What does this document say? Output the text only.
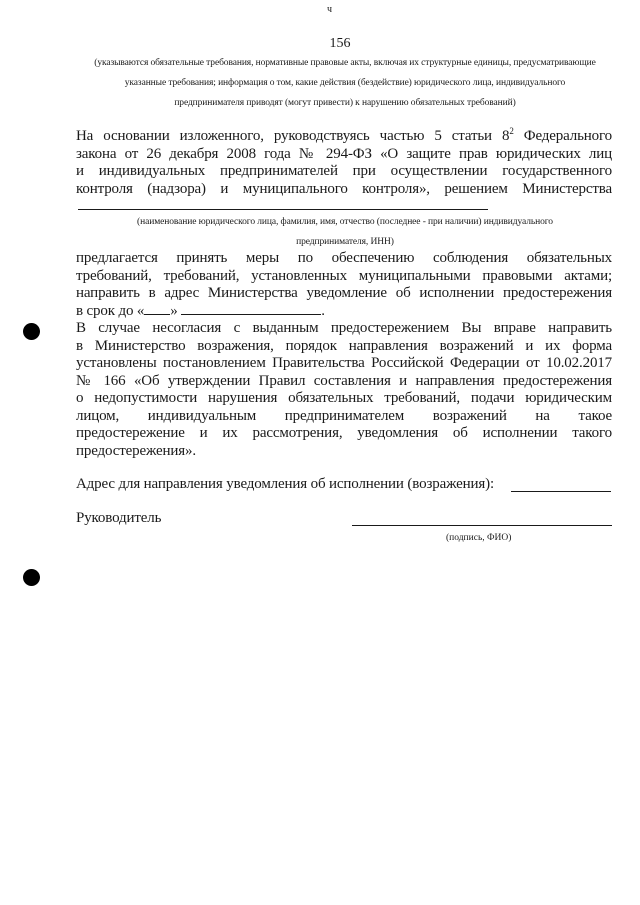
ч
156
(указываются обязательные требования, нормативные правовые акты, включая их структурные единицы, предусматривающие
указанные требования; информация о том, какие действия (бездействие) юридического лица, индивидуального
предпринимателя приводят (могут привести) к нарушению обязательных требований)
На основании изложенного, руководствуясь частью 5 статьи $8^2$ Федерального
закона от 26 декабря 2008 года № 294-ФЗ «О защите прав юридических лиц
и индивидуальных предпринимателей при осуществлении государственного
контроля (надзора) и муниципального контроля», решением Министерства
(наименование юридического лица, фамилия, имя, отчество (последнее - при наличии) индивидуального
предпринимателя, ИНН)
предлагается принять меры по обеспечению соблюдения обязательных
требований, требований, установленных муниципальными правовыми актами;
направить в адрес Министерства уведомление об исполнении предостережения
в срок до « »	.
В случае несогласия с выданным предостережением Вы вправе направить
в Министерство возражения, порядок направления возражений и их форма
установлены постановлением Правительства Российской Федерации от 10.02.2017
№ 166 «Об утверждении Правил составления и направления предостережения
о недопустимости нарушения обязательных требований, подачи юридическим
лицом, индивидуальным предпринимателем возражений на такое
предостережение и их рассмотрения, уведомления об исполнении такого
предостережения».
Адрес для направления уведомления об исполнении (возражения):
Руководитель
(подпись, ФИО)
